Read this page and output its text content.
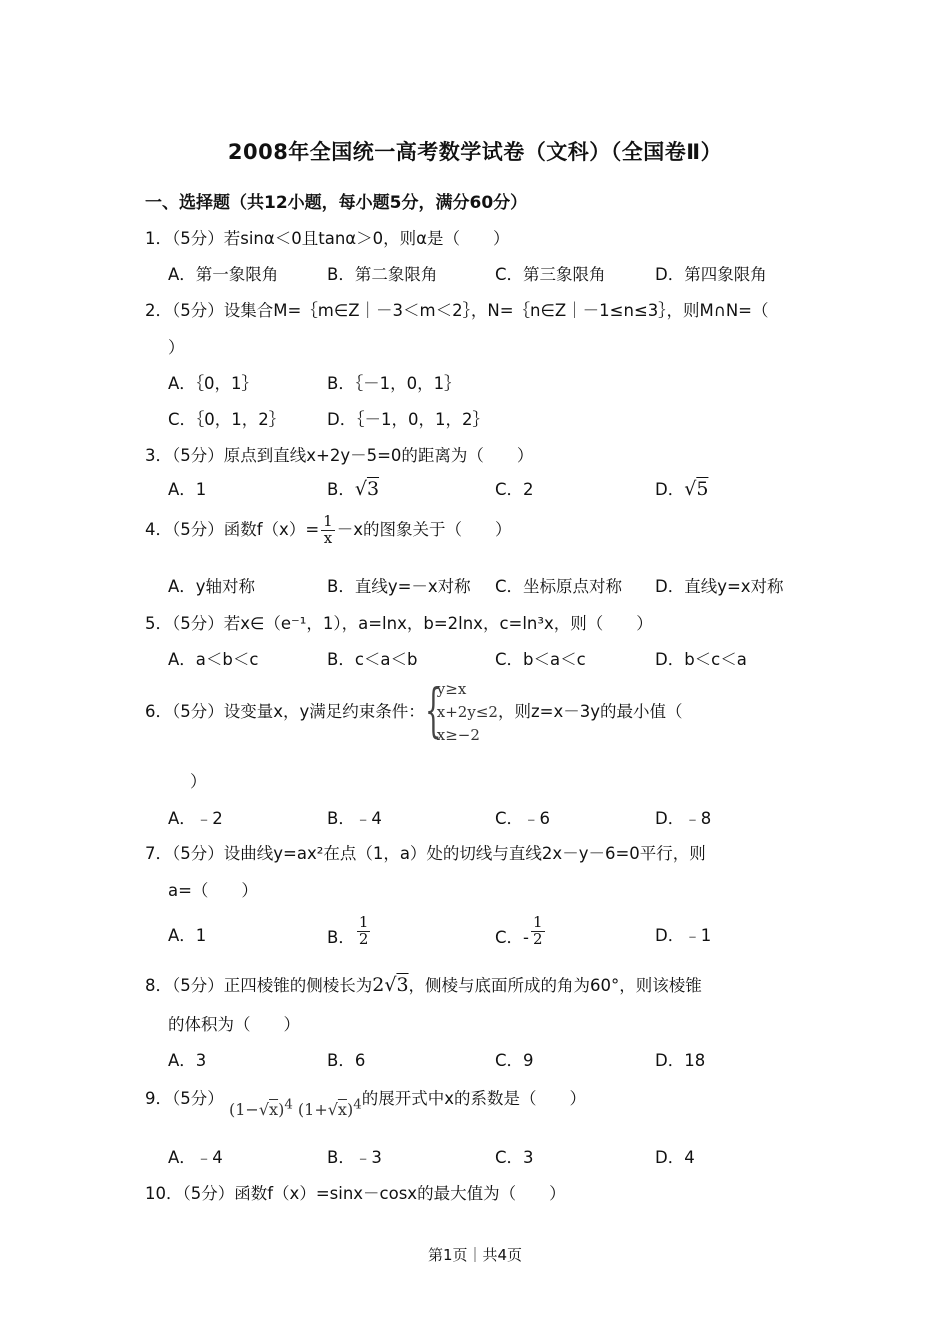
2008年全国统一高考数学试卷（文科）（全国卷Ⅱ）
一、选择题（共12小题，每小题5分，满分60分）
1．（5分）若sinα＜0且tanα＞0，则α是（　　）
A．第一象限角	B．第二象限角	C．第三象限角	D．第四象限角
2．（5分）设集合M=｛m∈Z｜－3＜m＜2｝，N=｛n∈Z｜－1≤n≤3｝，则M∩N=（
）
A．｛0，1｝	B．｛－1，0，1｝
C．｛0，1，2｝	D．｛－1，0，1，2｝
3．（5分）原点到直线x+2y－5=0的距离为（　　）
A．1	B．√3	C．2	D．√5
4．（5分）函数$f(x)= \frac{1}{x} -x$的图象关于（　　）
A．y轴对称	B．直线y=－x对称 C．坐标原点对称 D．直线y=x对称
5．（5分）若x∈（e⁻¹，1），a=lnx，b=2lnx，c=ln³x，则（　　）
A．a＜b＜c	B．c＜a＜b	C．b＜a＜c	D．b＜c＜a
6．（5分）设变量x，y满足约束条件： {
y≥x
x+2y≤2
x≥−2
，则z=x－3y的最小值（
）
A．﹣2	B．﹣4	C．﹣6	D．﹣8
7．（5分）设曲线y=ax²在点（1，a）处的切线与直线2x－y－6=0平行，则
a=（　　）
A．1	B． $\frac{1}{2}$	C．- $\frac{1}{2}$	D．﹣1
8．（5分）正四棱锥的侧棱长为2√3，侧棱与底面所成的角为60°，则该棱锥
的体积为（　　）
A．3	B．6	C．9	D．18
9．（5分） $(1-√x)^4$ $(1+√x)^4$的展开式中x的系数是（　　）
A．﹣4	B．﹣3	C．3	D．4
10．（5分）函数f（x）=sinx－cosx的最大值为（　　）
第1页｜共4页
